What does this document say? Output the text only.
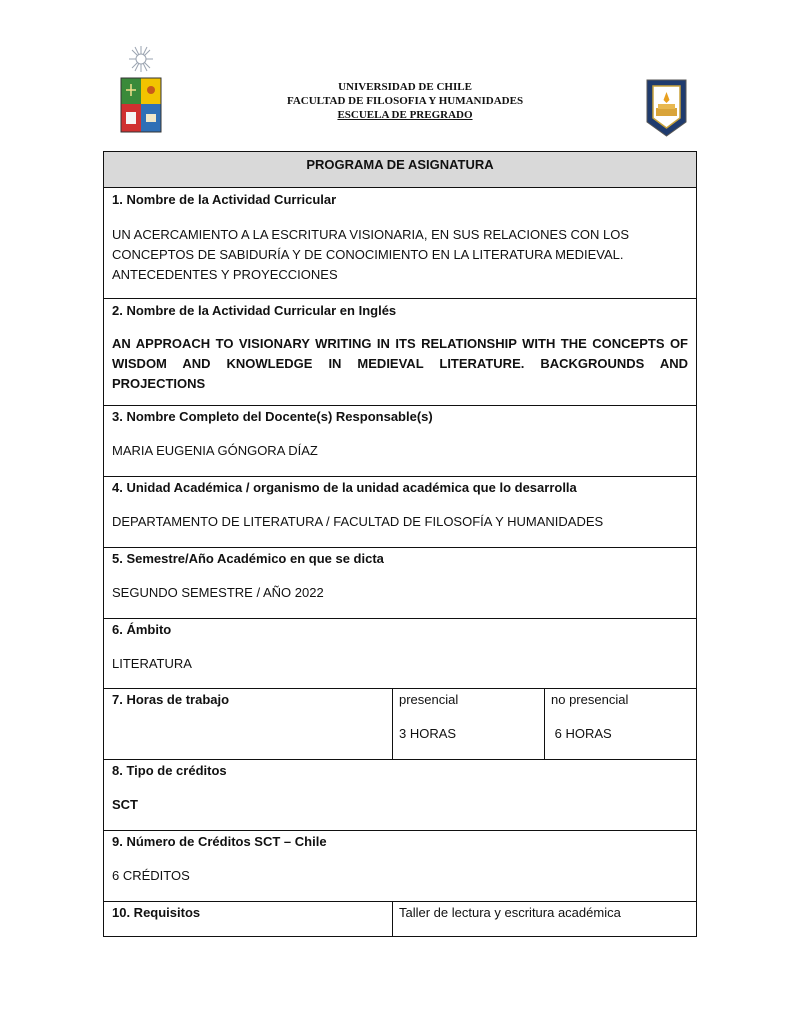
UNIVERSIDAD DE CHILE
FACULTAD DE FILOSOFIA Y HUMANIDADES
ESCUELA DE PREGRADO
PROGRAMA DE ASIGNATURA
1. Nombre de la Actividad Curricular
UN ACERCAMIENTO A LA ESCRITURA VISIONARIA, EN SUS RELACIONES CON LOS CONCEPTOS DE SABIDURÍA Y DE CONOCIMIENTO EN LA LITERATURA MEDIEVAL. ANTECEDENTES Y PROYECCIONES
2. Nombre de la Actividad Curricular en Inglés
AN APPROACH TO VISIONARY WRITING IN ITS RELATIONSHIP WITH THE CONCEPTS OF WISDOM AND KNOWLEDGE IN MEDIEVAL LITERATURE. BACKGROUNDS AND PROJECTIONS
3. Nombre Completo del Docente(s) Responsable(s)
MARIA EUGENIA GÓNGORA DÍAZ
4. Unidad Académica / organismo de la unidad académica que lo desarrolla
DEPARTAMENTO DE LITERATURA / FACULTAD DE FILOSOFÍA Y HUMANIDADES
5. Semestre/Año Académico en que se dicta
SEGUNDO SEMESTRE / AÑO 2022
6. Ámbito
LITERATURA
7. Horas de trabajo	presencial
3 HORAS
no presencial
6 HORAS
8. Tipo de créditos
SCT
9. Número de Créditos SCT – Chile
6 CRÉDITOS
10. Requisitos	Taller de lectura y escritura académica
